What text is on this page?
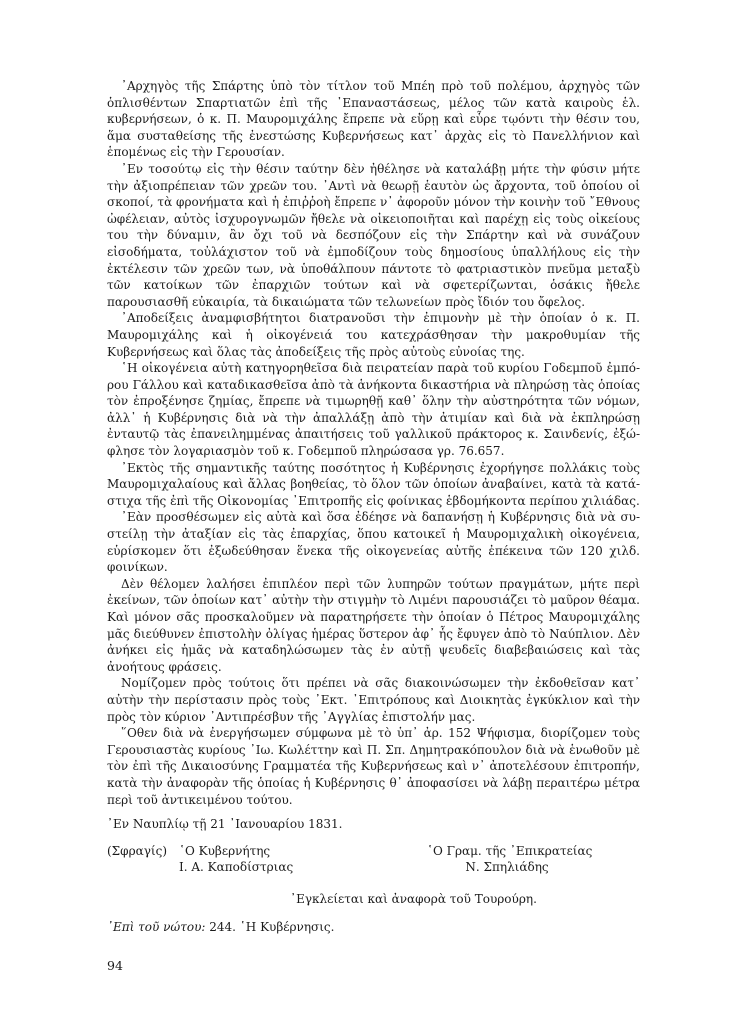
᾿Αρχηγὸς τῆς Σπάρτης ὑπὸ τὸν τίτλον τοῦ Μπέη πρὸ τοῦ πολέμου, ἀρχηγὸς τῶν ὁπλισθέντων Σπαρτιατῶν ἐπὶ τῆς ᾿Επαναστάσεως, μέλος τῶν κατὰ καιροὺς ἑλ. κυβερνήσεων, ὁ κ. Π. Μαυρομιχάλης ἔπρεπε νὰ εὕρῃ καὶ εὗρε τῳόντι τὴν θέσιν του, ἅμα συσταθείσης τῆς ἐνεστώσης Κυβερνήσεως κατ᾿ ἀρχὰς εἰς τὸ Πανελλήνιον καὶ ἑπομένως εἰς τὴν Γερουσίαν.

᾿Εν τοσούτῳ εἰς τὴν θέσιν ταύτην δὲν ἠθέλησε νὰ καταλάβῃ μήτε τὴν φύσιν μήτε τὴν ἀξιοπρέπειαν τῶν χρεῶν του. ᾿Αντὶ νὰ θεωρῇ ἑαυτὸν ὡς ἄρχοντα, τοῦ ὁποίου οἱ σκοποί, τὰ φρονήματα καὶ ἡ ἐπιῤῥοὴ ἔπρεπε ν᾿ ἀφοροῦν μόνον τὴν κοινὴν τοῦ ῎Εθνους ὠφέλειαν, αὐτὸς ἰσχυρογνωμῶν ἤθελε νὰ οἰκειοποιῆται καὶ παρέχῃ εἰς τοὺς οἰκείους του τὴν δύναμιν, ἂν ὄχι τοῦ νὰ δεσπόζουν εἰς τὴν Σπάρτην καὶ νὰ συνάζουν εἰσοδήματα, τοὐλάχιστον τοῦ νὰ ἐμποδίζουν τοὺς δημοσίους ὑπαλλήλους εἰς τὴν ἐκτέλεσιν τῶν χρεῶν των, νὰ ὑποθάλπουν πάντοτε τὸ φατριαστικὸν πνεῦμα μεταξὺ τῶν κατοίκων τῶν ἐπαρχιῶν τούτων καὶ νὰ σφετερίζωνται, ὁσάκις ἤθελε παρουσιασθῆ εὐκαιρία, τὰ δικαιώματα τῶν τελωνείων πρὸς ἴδιόν του ὄφελος.

᾿Αποδείξεις ἀναμφισβήτητοι διατρανοῦσι τὴν ἐπιμονὴν μὲ τὴν ὁποίαν ὁ κ. Π. Μαυρομιχάλης καὶ ἡ οἰκογένειά του κατεχράσθησαν τὴν μακροθυμίαν τῆς Κυβερνήσεως καὶ ὅλας τὰς ἀποδείξεις τῆς πρὸς αὐτοὺς εὐνοίας της.

῾Η οἰκογένεια αὐτὴ κατηγορηθεῖσα διὰ πειρατείαν παρὰ τοῦ κυρίου Γοδεμποῦ ἐμπόρου Γάλλου καὶ καταδικασθεῖσα ἀπὸ τὰ ἁνήκοντα δικαστήρια νὰ πληρώσῃ τὰς ὁποίας τὸν ἐπροξένησε ζημίας, ἔπρεπε νὰ τιμωρηθῇ καθ᾿ ὅλην τὴν αὐστηρότητα τῶν νόμων, ἀλλ᾿ ἡ Κυβέρνησις διὰ νὰ τὴν ἀπαλλάξῃ ἀπὸ τὴν ἀτιμίαν καὶ διὰ νὰ ἐκπληρώσῃ ἐνταυτῷ τὰς ἐπανειλημμένας ἀπαιτήσεις τοῦ γαλλικοῦ πράκτορος κ. Σαινδενίς, ἐξώφλησε τὸν λογαριασμὸν τοῦ κ. Γοδεμποῦ πληρώσασα γρ. 76.657.

᾿Εκτὸς τῆς σημαντικῆς ταύτης ποσότητος ἡ Κυβέρνησις ἐχορήγησε πολλάκις τοὺς Μαυρομιχαλαίους καὶ ἄλλας βοηθείας, τὸ ὅλον τῶν ὁποίων ἀναβαίνει, κατὰ τὰ κατάστιχα τῆς ἐπὶ τῆς Οἰκονομίας ᾿Επιτροπῆς εἰς φοίνικας ἑβδομήκοντα περίπου χιλιάδας.

᾿Εὰν προσθέσωμεν εἰς αὐτὰ καὶ ὅσα ἐδέησε νὰ δαπανήσῃ ἡ Κυβέρνησις διὰ νὰ συστείλῃ τὴν ἀταξίαν εἰς τὰς ἐπαρχίας, ὅπου κατοικεῖ ἡ Μαυρομιχαλικὴ οἰκογένεια, εὑρίσκομεν ὅτι ἐξωδεύθησαν ἕνεκα τῆς οἰκογενείας αὐτῆς ἐπέκεινα τῶν 120 χιλδ. φοινίκων.

Δὲν θέλομεν λαλήσει ἐπιπλέον περὶ τῶν λυπηρῶν τούτων πραγμάτων, μήτε περὶ ἐκείνων, τῶν ὁποίων κατ᾿ αὐτὴν τὴν στιγμὴν τὸ Λιμένι παρουσιάζει τὸ μαῦρον θέαμα. Καὶ μόνον σᾶς προσκαλοῦμεν νὰ παρατηρήσετε τὴν ὁποίαν ὁ Πέτρος Μαυρομιχάλης μᾶς διεύθυνεν ἐπιστολὴν ὀλίγας ἡμέρας ὕστερον ἀφ᾿ ἧς ἔφυγεν ἀπὸ τὸ Ναύπλιον. Δὲν ἀνήκει εἰς ἡμᾶς νὰ καταδηλώσωμεν τὰς ἐν αὐτῇ ψευδεῖς διαβεβαιώσεις καὶ τὰς ἀνοήτους φράσεις.

Νομίζομεν πρὸς τούτοις ὅτι πρέπει νὰ σᾶς διακοινώσωμεν τὴν ἐκδοθεῖσαν κατ᾿ αὐτὴν τὴν περίστασιν πρὸς τοὺς ᾿Εκτ. ᾿Επιτρόπους καὶ Διοικητὰς ἐγκύκλιον καὶ τὴν πρὸς τὸν κύριον ᾿Αντιπρέσβυν τῆς ᾿Αγγλίας ἐπιστολήν μας.

῞Οθεν διὰ νὰ ἐνεργήσωμεν σύμφωνα μὲ τὸ ὑπ᾿ ἀρ. 152 Ψήφισμα, διορίζομεν τοὺς Γερουσιαστὰς κυρίους ᾿Ιω. Κωλέττην καὶ Π. Σπ. Δημητρακόπουλον διὰ νὰ ἑνωθοῦν μὲ τὸν ἐπὶ τῆς Δικαιοσύνης Γραμματέα τῆς Κυβερνήσεως καὶ ν᾿ ἀποτελέσουν ἐπιτροπήν, κατὰ τὴν ἀναφορὰν τῆς ὁποίας ἡ Κυβέρνησις θ᾿ ἀποφασίσει νὰ λάβῃ περαιτέρω μέτρα περὶ τοῦ ἀντικειμένου τούτου.

᾿Εν Ναυπλίῳ τῇ 21 ᾿Ιανουαρίου 1831.

(Σφραγίς) ῾Ο Κυβερνήτης
Ι. Α. Καποδίστριας
῾Ο Γραμ. τῆς ᾿Επικρατείας
Ν. Σπηλιάδης

᾿Εγκλείεται καὶ ἀναφορὰ τοῦ Τουρούρη.

᾿Επὶ τοῦ νώτου: 244. ῾Η Κυβέρνησις.

94
